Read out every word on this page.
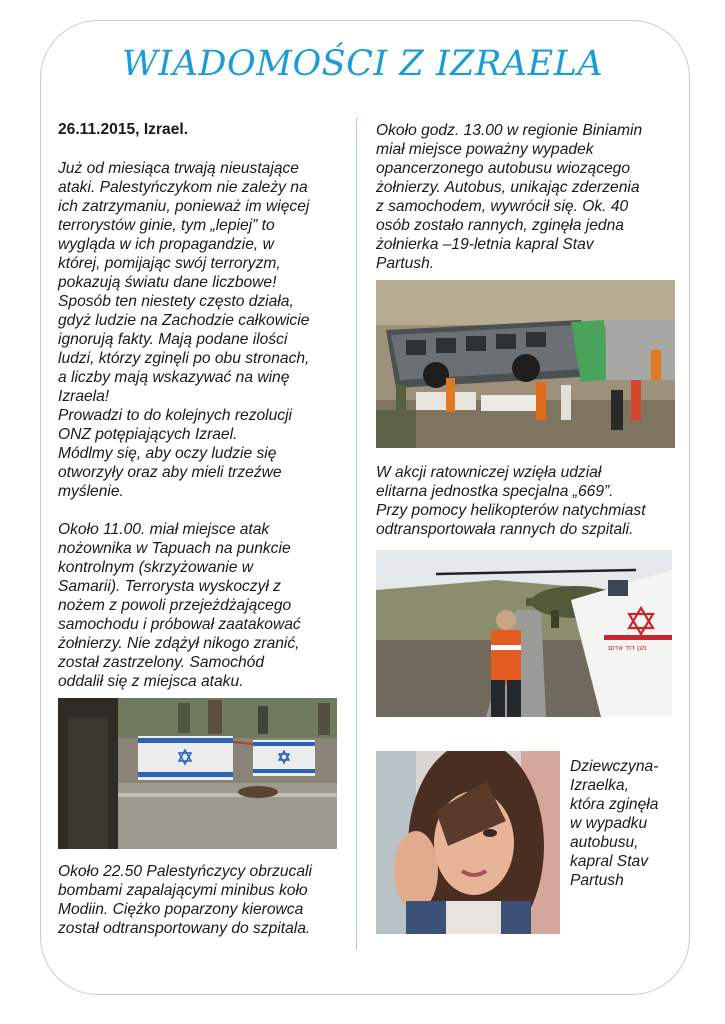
WIADOMOŚCI Z IZRAELA

26.11.2015, Izrael.

Już od miesiąca trwają nieustające
ataki. Palestyńczykom nie zależy na
ich zatrzymaniu, ponieważ im więcej
terrorystów ginie, tym „lepiej” to
wygląda w ich propagandzie, w
której, pomijając swój terroryzm,
pokazują światu dane liczbowe!
Sposób ten niestety często działa,
gdyż ludzie na Zachodzie całkowicie
ignorują fakty. Mają podane ilości
ludzi, którzy zginęli po obu stronach,
a liczby mają wskazywać na winę
Izraela!
Prowadzi to do kolejnych rezolucji
ONZ potępiających Izrael.
Módlmy się, aby oczy ludzie się
otworzyły oraz aby mieli trzeźwe
myślenie.

Około 11.00. miał miejsce atak
nożownika w Tapuach na punkcie
kontrolnym (skrzyżowanie w
Samarii). Terrorysta wyskoczył z
nożem z powoli przejeżdżającego
samochodu i próbował zaatakować
żołnierzy. Nie zdążył nikogo zranić,
został zastrzelony. Samochód
oddalił się z miejsca ataku.

Około 22.50 Palestyńczycy obrzucali
bombami zapalającymi minibus koło
Modiin. Ciężko poparzony kierowca
został odtransportowany do szpitala.

Około godz. 13.00 w regionie Biniamin
miał miejsce poważny wypadek
opancerzonego autobusu wiozącego
żołnierzy. Autobus, unikając zderzenia
z samochodem, wywrócił się. Ok. 40
osób zostało rannych, zginęła jedna
żołnierka –19-letnia kapral Stav
Partush.

W akcji ratowniczej wzięła udział
elitarna jednostka specjalna „669”.
Przy pomocy helikopterów natychmiast
odtransportowała rannych do szpitali.

מגן דוד אדום

Dziewczyna-
Izraelka,
która zginęła
w wypadku
autobusu,
kapral Stav
Partush
